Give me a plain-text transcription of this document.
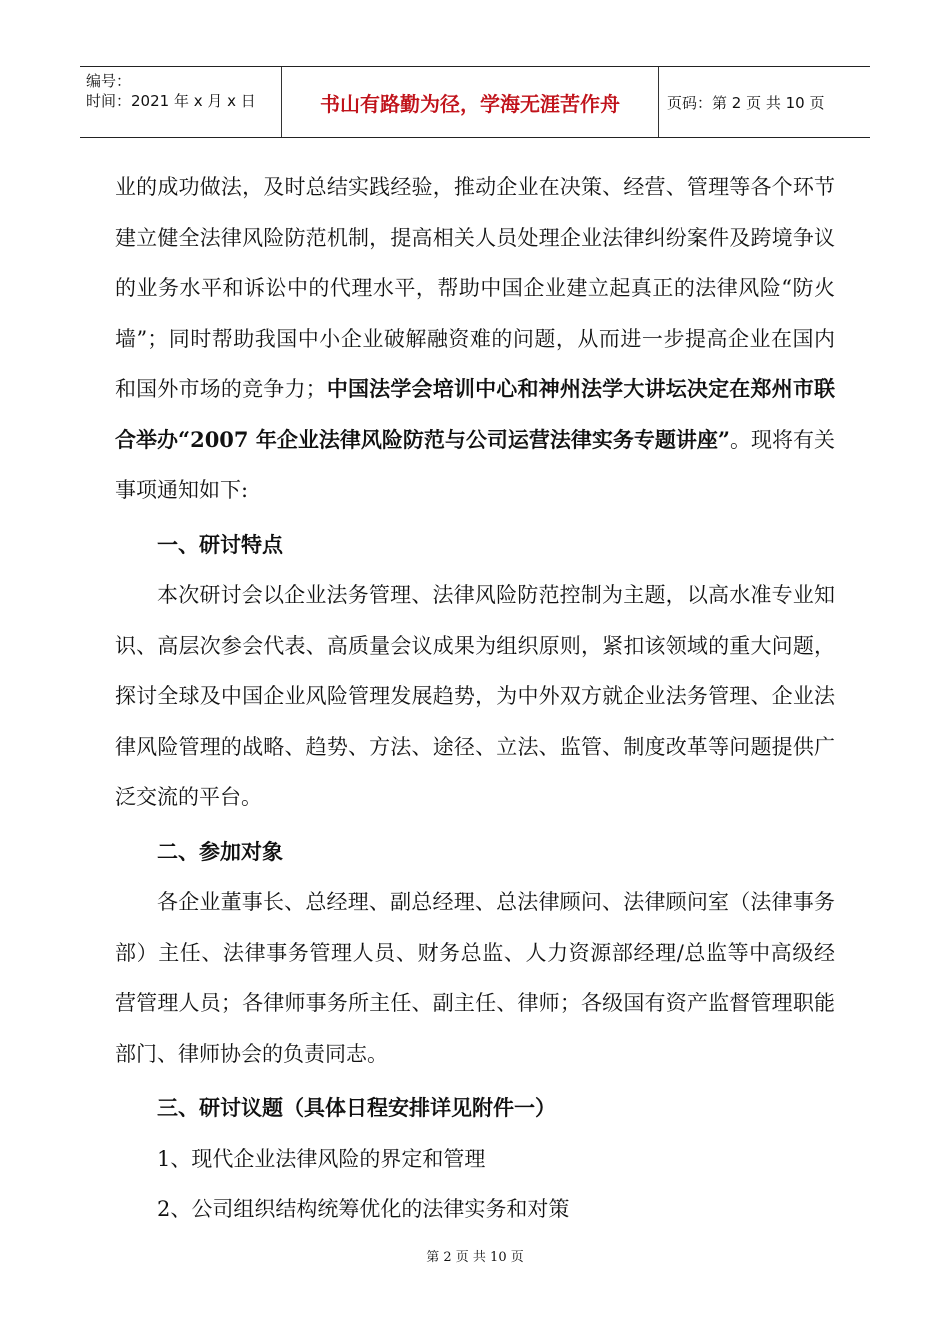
编号：
时间：2021 年 x 月 x 日	书山有路勤为径，学海无涯苦作舟	页码：第 2 页 共 10 页

业的成功做法，及时总结实践经验，推动企业在决策、经营、管理等各个环节建立健全法律风险防范机制，提高相关人员处理企业法律纠纷案件及跨境争议的业务水平和诉讼中的代理水平，帮助中国企业建立起真正的法律风险“防火墙”；同时帮助我国中小企业破解融资难的问题，从而进一步提高企业在国内和国外市场的竞争力；中国法学会培训中心和神州法学大讲坛决定在郑州市联合举办“2007 年企业法律风险防范与公司运营法律实务专题讲座”。现将有关事项通知如下:

一、研讨特点

本次研讨会以企业法务管理、法律风险防范控制为主题，以高水准专业知识、高层次参会代表、高质量会议成果为组织原则，紧扣该领域的重大问题，探讨全球及中国企业风险管理发展趋势，为中外双方就企业法务管理、企业法律风险管理的战略、趋势、方法、途径、立法、监管、制度改革等问题提供广泛交流的平台。

二、参加对象

各企业董事长、总经理、副总经理、总法律顾问、法律顾问室（法律事务部）主任、法律事务管理人员、财务总监、人力资源部经理/总监等中高级经营管理人员；各律师事务所主任、副主任、律师；各级国有资产监督管理职能部门、律师协会的负责同志。

三、研讨议题（具体日程安排详见附件一）

1、现代企业法律风险的界定和管理

2、公司组织结构统筹优化的法律实务和对策

第 2 页 共 10 页
